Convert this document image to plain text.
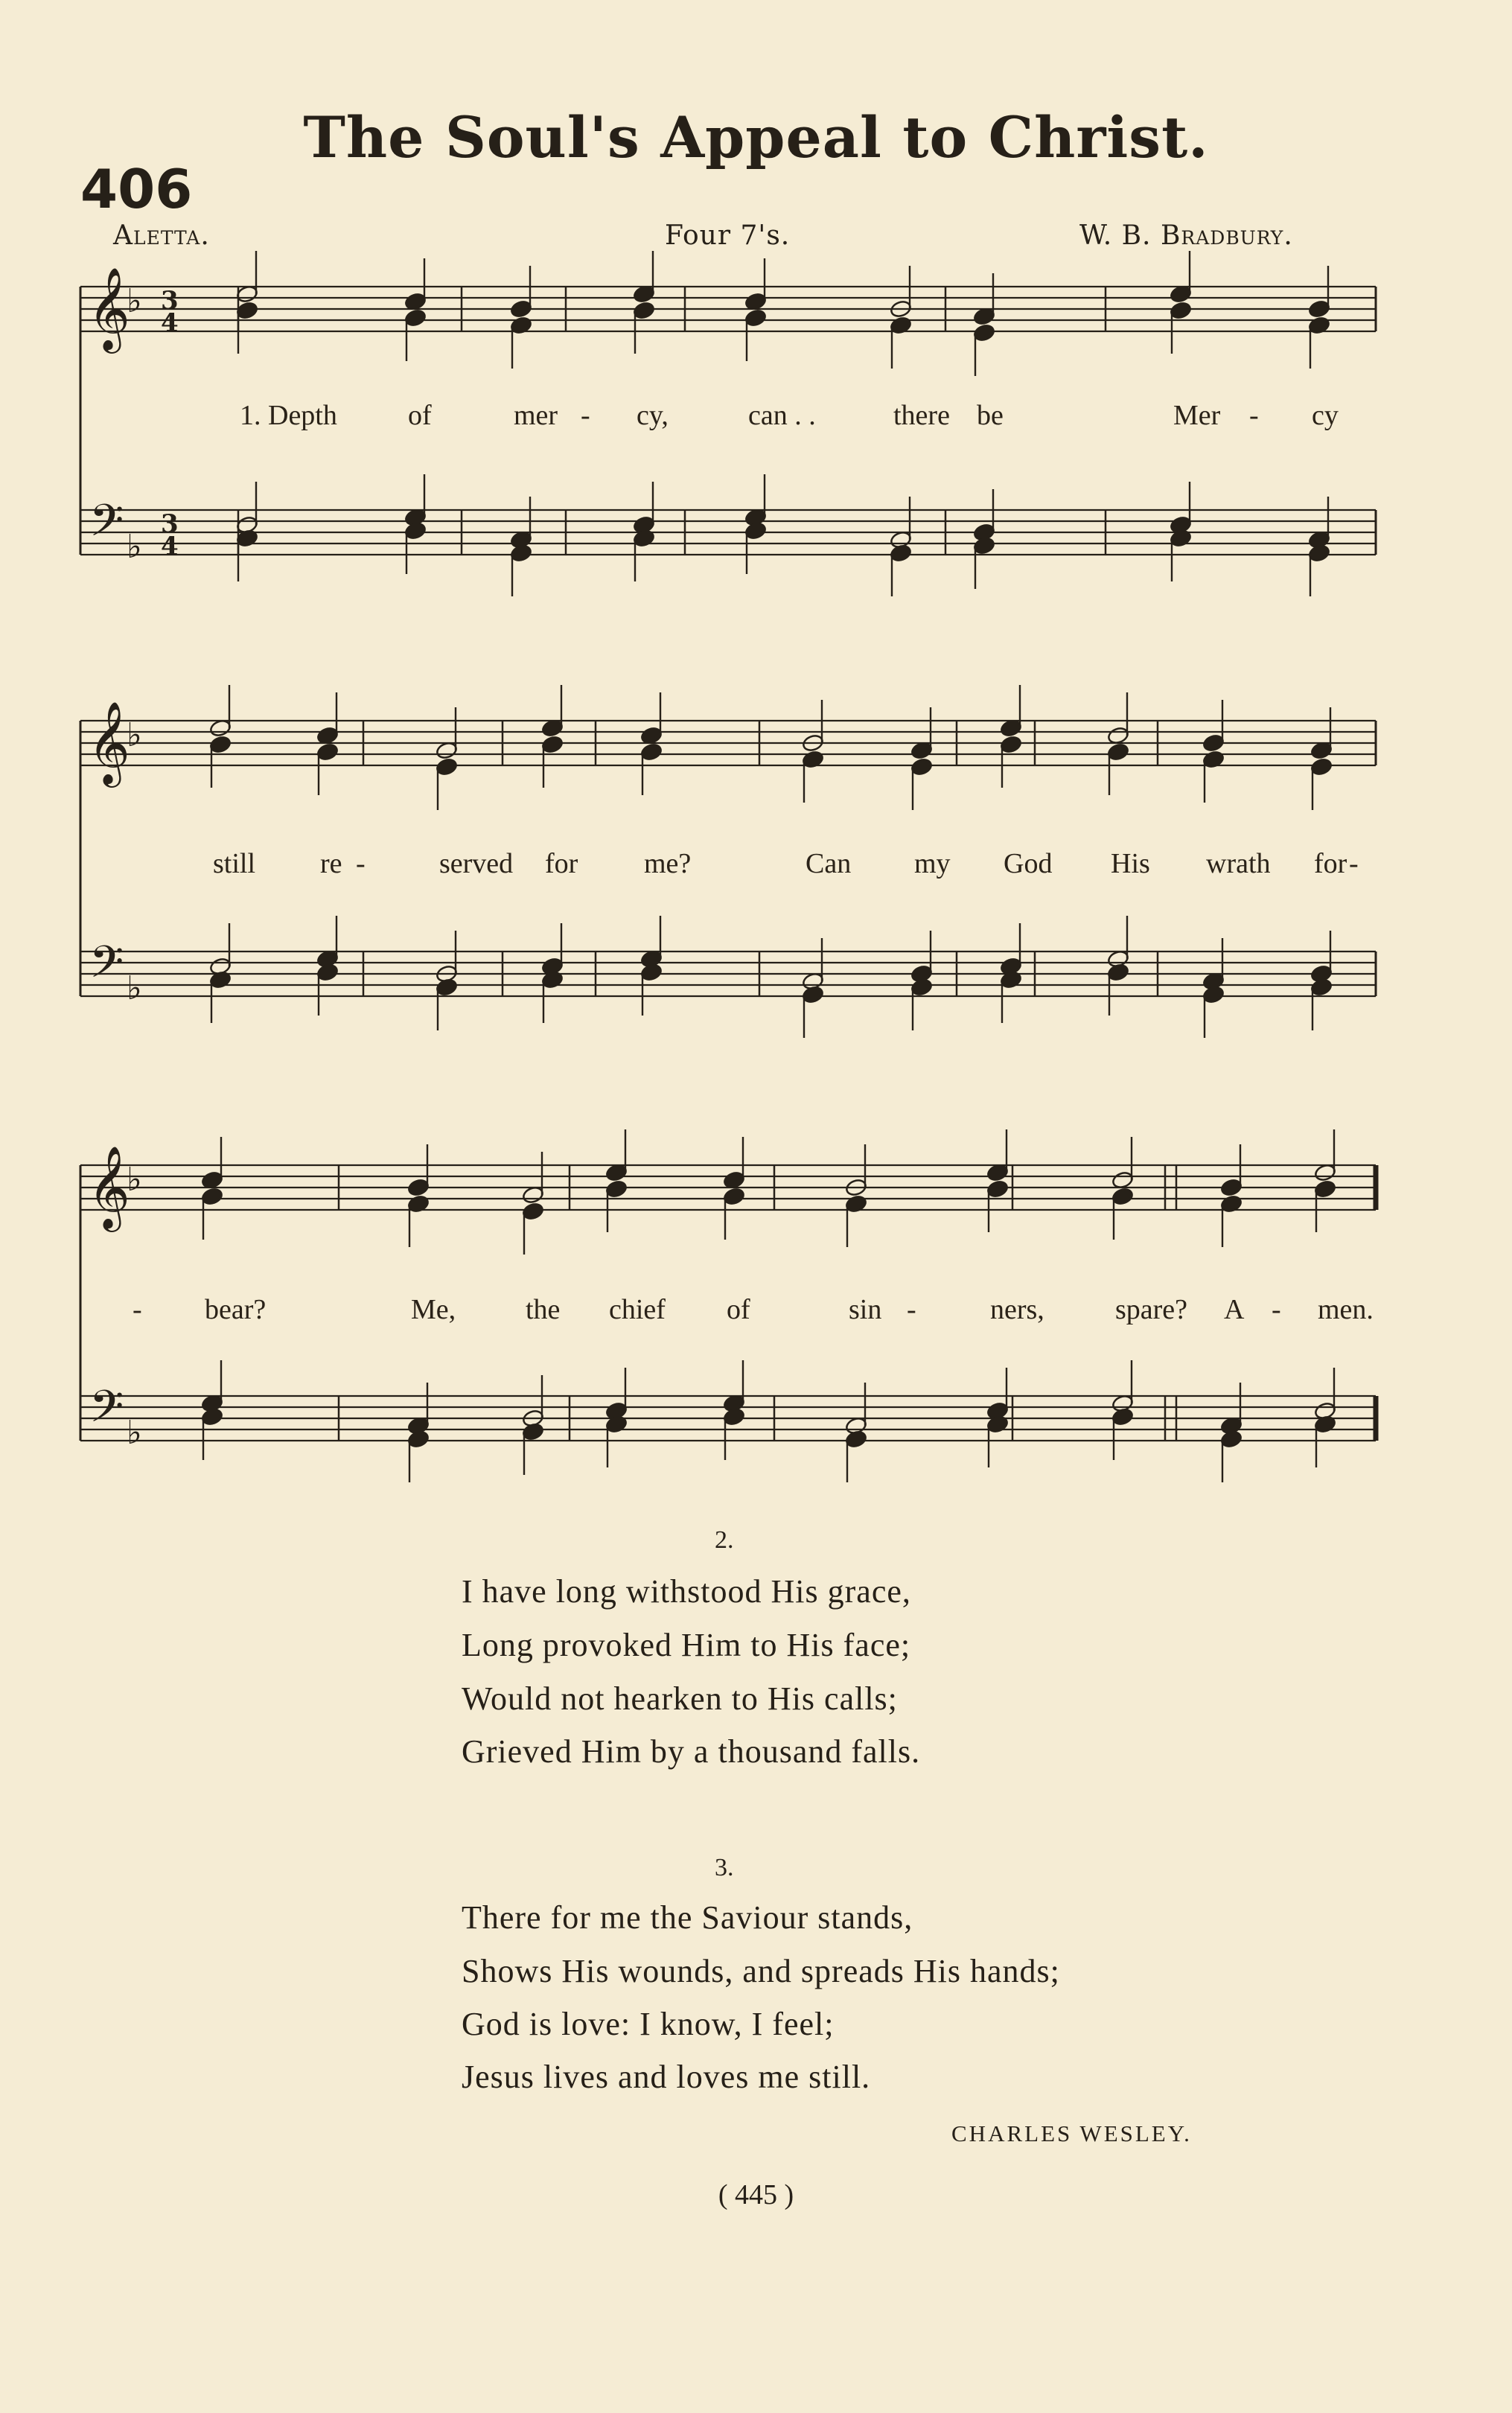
The Soul's Appeal to Christ.
406
Aletta.	Four 7's.	W. B. Bradbury.
𝄞
𝄢
♭
♭
3
4
3
4
1. Depth	of	mer - cy,	can . .	there be	Mer - cy
𝄞
𝄢
♭
♭
still re -	served for me?	Can my God His wrath for -
𝄞
𝄢
♭
♭
- bear?	Me, the chief of	sin -	ners,	spare? A - men.
2.
I have long withstood His grace,
Long provoked Him to His face;
Would not hearken to His calls;
Grieved Him by a thousand falls.
3.
There for me the Saviour stands,
Shows His wounds, and spreads His hands;
God is love: I know, I feel;
Jesus lives and loves me still.
CHARLES WESLEY.
( 445 )
